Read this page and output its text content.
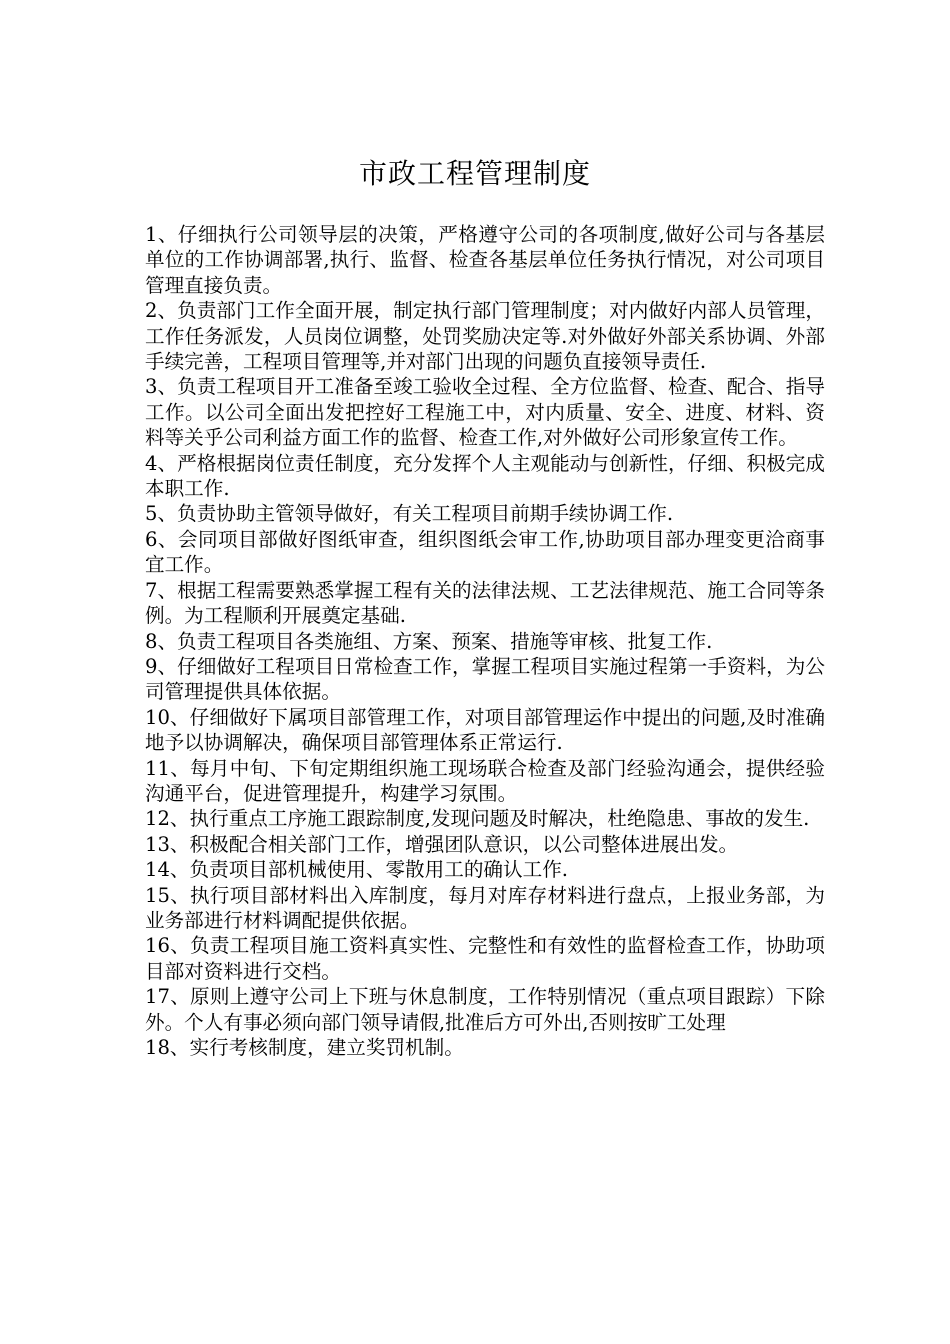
市政工程管理制度
1、仔细执行公司领导层的决策，严格遵守公司的各项制度,做好公司与各基层单位的工作协调部署,执行、监督、检查各基层单位任务执行情况，对公司项目管理直接负责。
2、负责部门工作全面开展，制定执行部门管理制度；对内做好内部人员管理，工作任务派发，人员岗位调整，处罚奖励决定等.对外做好外部关系协调、外部手续完善，工程项目管理等,并对部门出现的问题负直接领导责任.
3、负责工程项目开工准备至竣工验收全过程、全方位监督、检查、配合、指导工作。以公司全面出发把控好工程施工中，对内质量、安全、进度、材料、资料等关乎公司利益方面工作的监督、检查工作,对外做好公司形象宣传工作。
4、严格根据岗位责任制度，充分发挥个人主观能动与创新性，仔细、积极完成本职工作.
5、负责协助主管领导做好，有关工程项目前期手续协调工作.
6、会同项目部做好图纸审查，组织图纸会审工作,协助项目部办理变更洽商事宜工作。
7、根据工程需要熟悉掌握工程有关的法律法规、工艺法律规范、施工合同等条例。为工程顺利开展奠定基础.
8、负责工程项目各类施组、方案、预案、措施等审核、批复工作.
9、仔细做好工程项目日常检查工作，掌握工程项目实施过程第一手资料，为公司管理提供具体依据。
10、仔细做好下属项目部管理工作，对项目部管理运作中提出的问题,及时准确地予以协调解决，确保项目部管理体系正常运行.
11、每月中旬、下旬定期组织施工现场联合检查及部门经验沟通会，提供经验沟通平台，促进管理提升，构建学习氛围。
12、执行重点工序施工跟踪制度,发现问题及时解决，杜绝隐患、事故的发生.
13、积极配合相关部门工作，增强团队意识，以公司整体进展出发。
14、负责项目部机械使用、零散用工的确认工作.
15、执行项目部材料出入库制度，每月对库存材料进行盘点，上报业务部，为业务部进行材料调配提供依据。
16、负责工程项目施工资料真实性、完整性和有效性的监督检查工作，协助项目部对资料进行交档。
17、原则上遵守公司上下班与休息制度，工作特别情况（重点项目跟踪）下除外。个人有事必须向部门领导请假,批准后方可外出,否则按旷工处理
18、实行考核制度，建立奖罚机制。
